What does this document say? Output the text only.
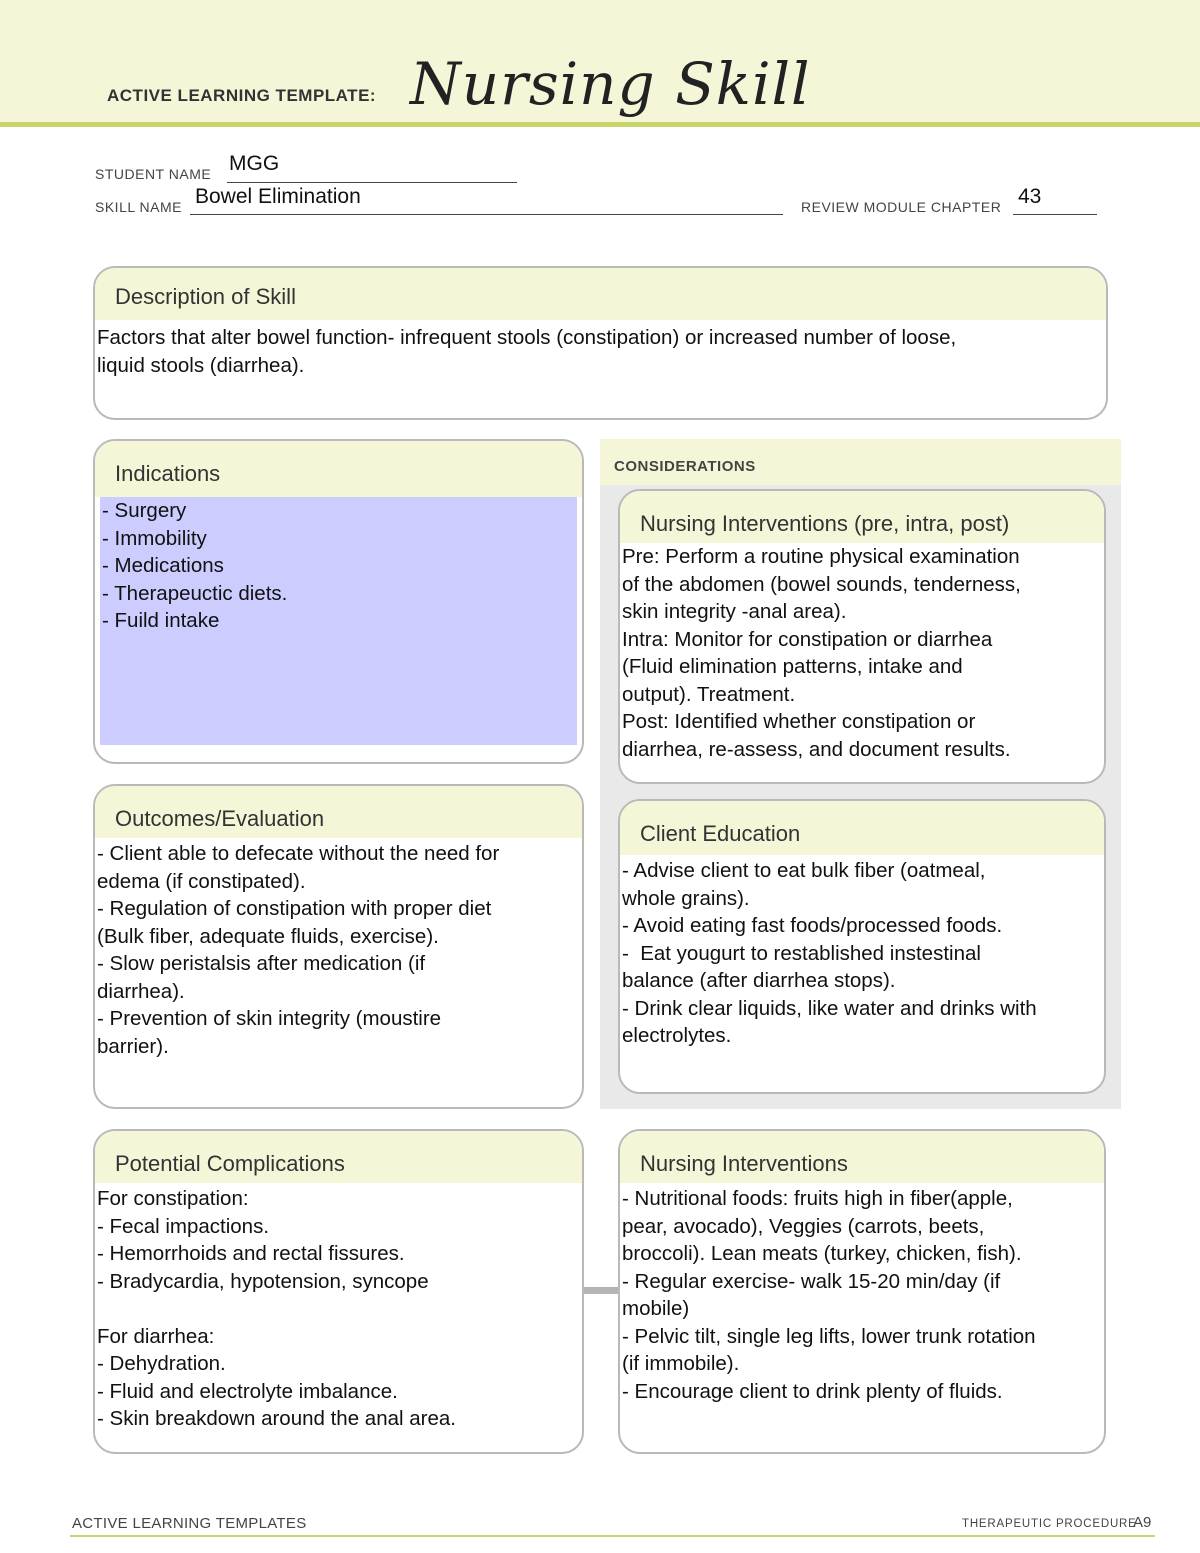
ACTIVE LEARNING TEMPLATE: Nursing Skill
STUDENT NAME MGG
SKILL NAME Bowel Elimination	REVIEW MODULE CHAPTER 43
Description of Skill
Factors that alter bowel function- infrequent stools (constipation) or increased number of loose,
liquid stools (diarrhea).
CONSIDERATIONS
Indications
- Surgery
- Immobility
- Medications
- Therapeuctic diets.
- Fuild intake
Nursing Interventions (pre, intra, post)
Pre: Perform a routine physical examination
of the abdomen (bowel sounds, tenderness,
skin integrity -anal area).
Intra: Monitor for constipation or diarrhea
(Fluid elimination patterns, intake and
output). Treatment.
Post: Identified whether constipation or
diarrhea, re-assess, and document results.
Outcomes/Evaluation
- Client able to defecate without the need for
edema (if constipated).
- Regulation of constipation with proper diet
(Bulk fiber, adequate fluids, exercise).
- Slow peristalsis after medication (if
diarrhea).
- Prevention of skin integrity (moustire
barrier).
Client Education
- Advise client to eat bulk fiber (oatmeal,
whole grains).
- Avoid eating fast foods/processed foods.
-  Eat yougurt to restablished instestinal
balance (after diarrhea stops).
- Drink clear liquids, like water and drinks with
electrolytes.
Potential Complications
For constipation:
- Fecal impactions.
- Hemorrhoids and rectal fissures.
- Bradycardia, hypotension, syncope
For diarrhea:
- Dehydration.
- Fluid and electrolyte imbalance.
- Skin breakdown around the anal area.
Nursing Interventions
- Nutritional foods: fruits high in fiber(apple,
pear, avocado), Veggies (carrots, beets,
broccoli). Lean meats (turkey, chicken, fish).
- Regular exercise- walk 15-20 min/day (if
mobile)
- Pelvic tilt, single leg lifts, lower trunk rotation
(if immobile).
- Encourage client to drink plenty of fluids.
ACTIVE LEARNING TEMPLATES	THERAPEUTIC PROCEDURE
A9
